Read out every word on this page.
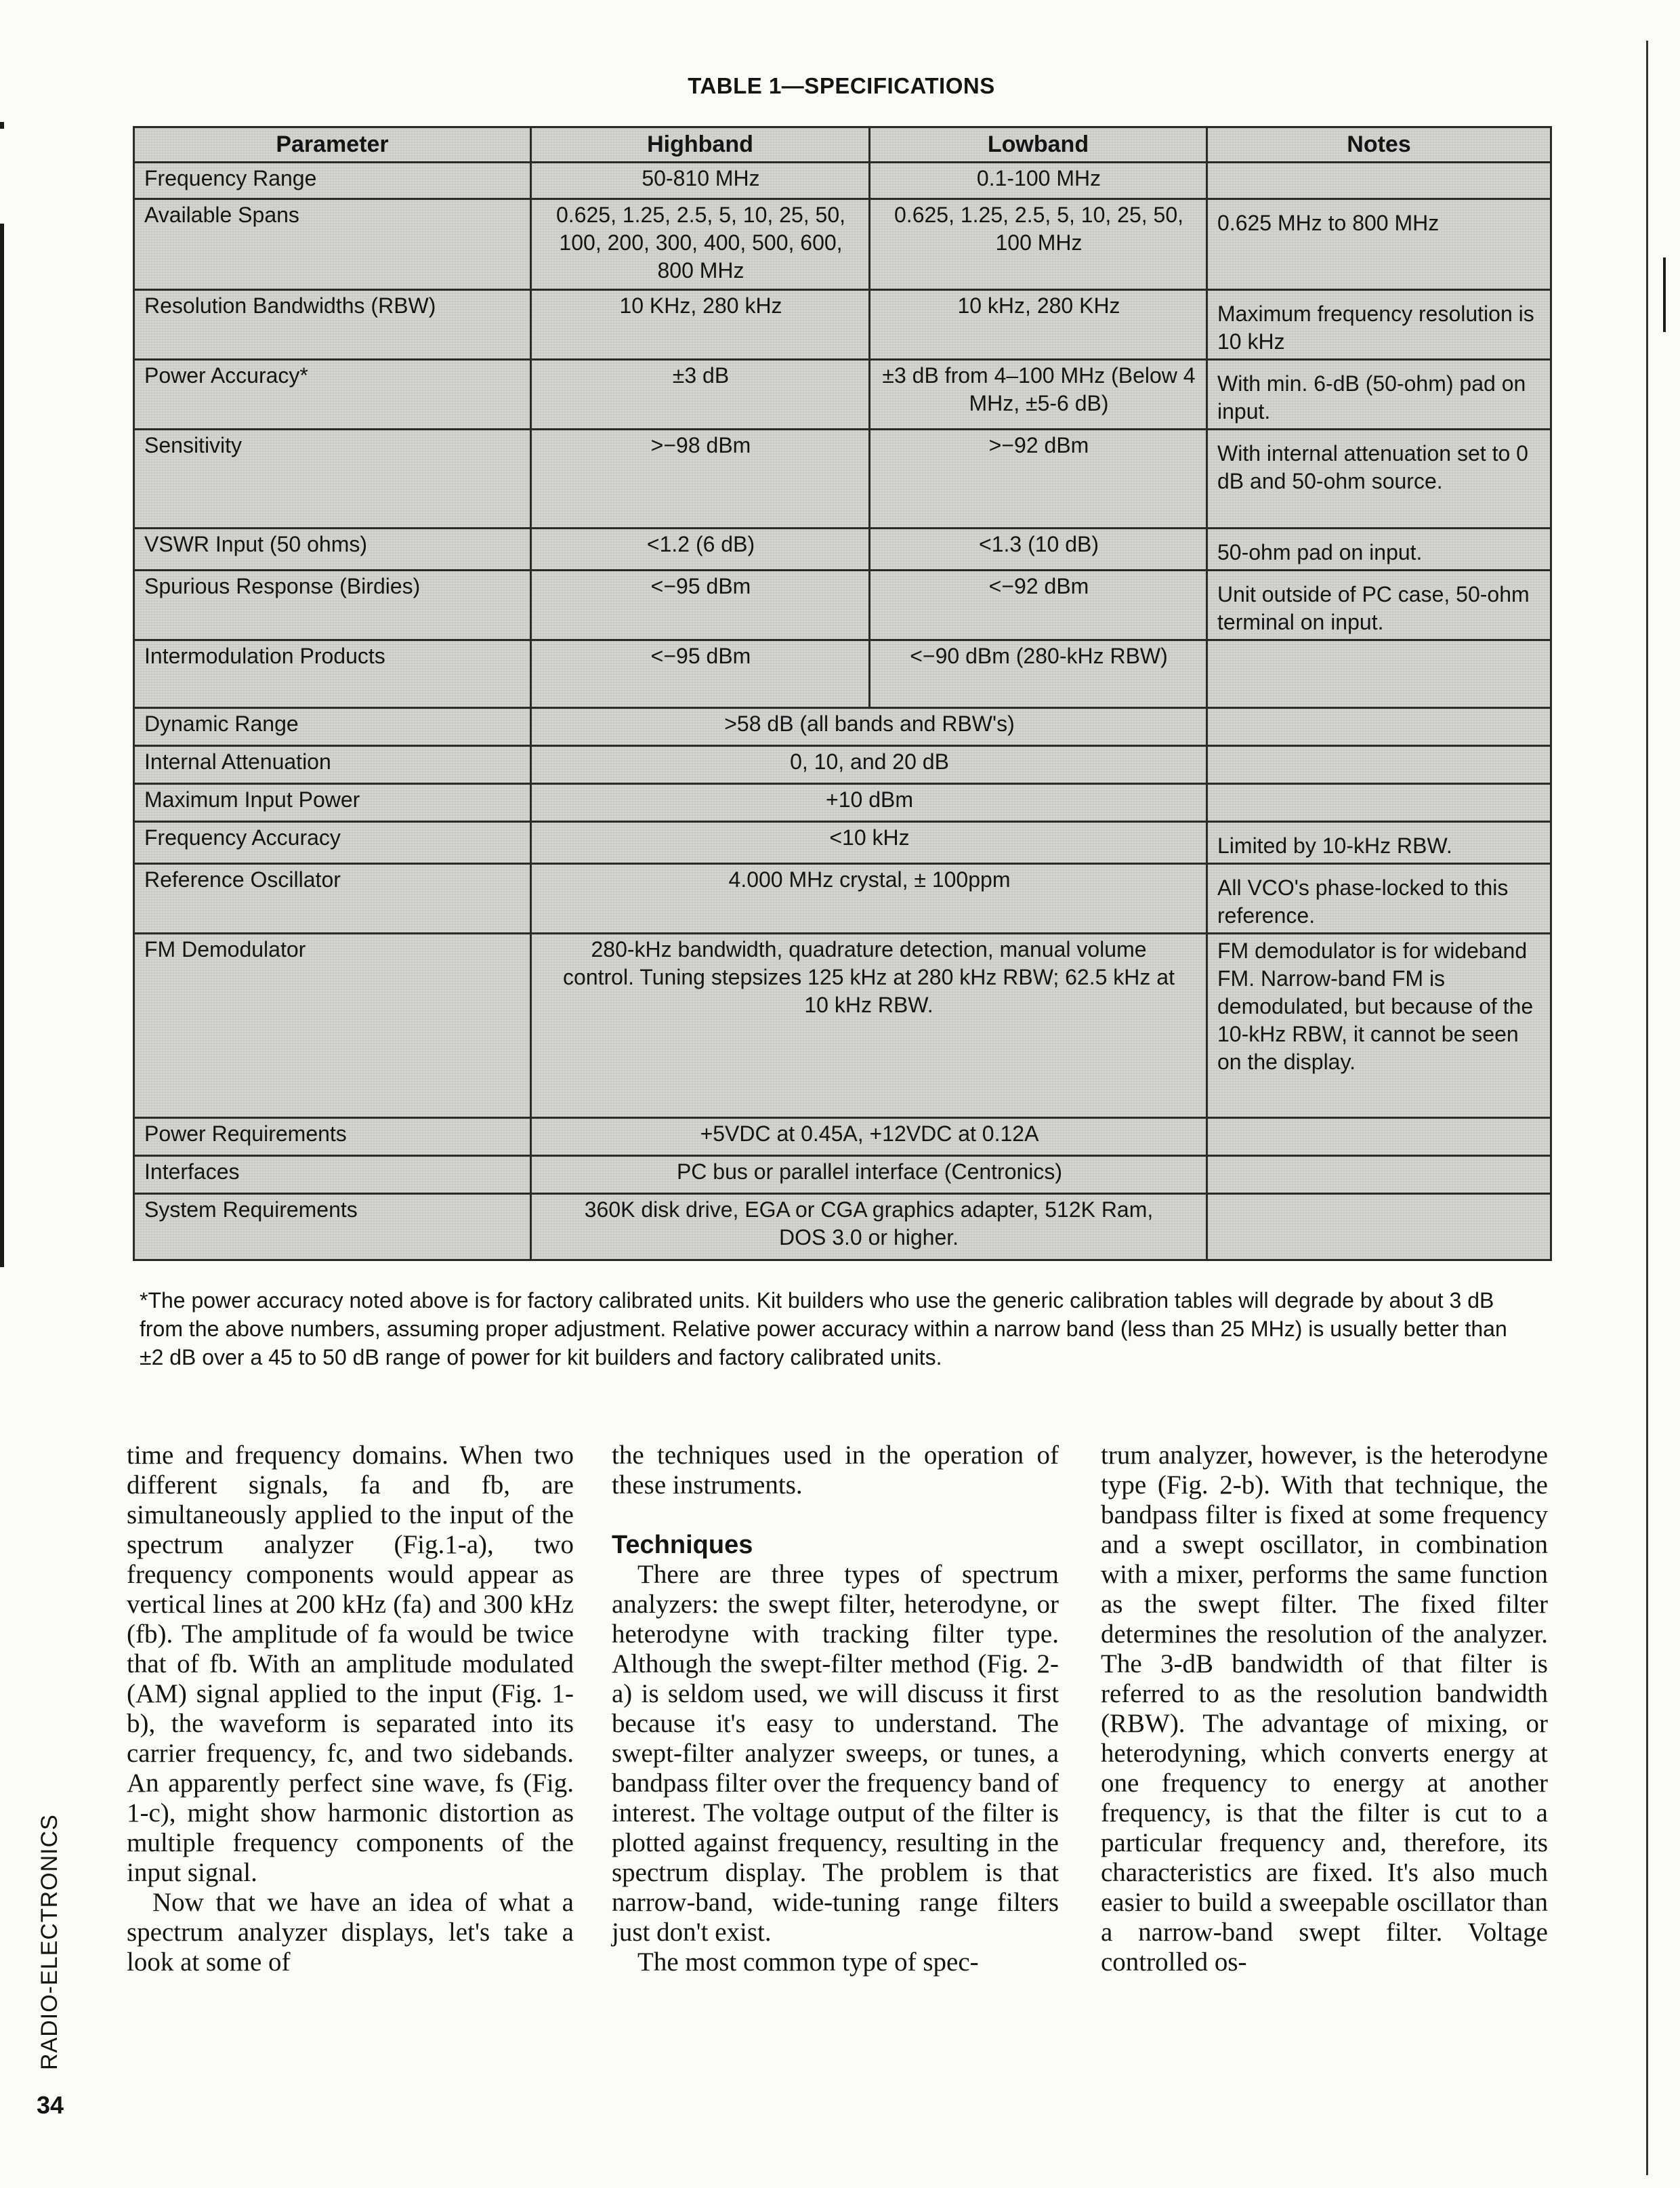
TABLE 1—SPECIFICATIONS
Parameter	Highband	Lowband	Notes
Frequency Range	50-810 MHz	0.1-100 MHz	
Available Spans	0.625, 1.25, 2.5, 5, 10, 25, 50, 100, 200, 300, 400, 500, 600, 800 MHz	0.625, 1.25, 2.5, 5, 10, 25, 50, 100 MHz	0.625 MHz to 800 MHz
Resolution Bandwidths (RBW)	10 KHz, 280 kHz	10 kHz, 280 KHz	Maximum frequency resolution is 10 kHz
Power Accuracy*	±3 dB	±3 dB from 4–100 MHz (Below 4 MHz, ±5-6 dB)	With min. 6-dB (50-ohm) pad on input.
Sensitivity	>−98 dBm	>−92 dBm	With internal attenuation set to 0 dB and 50-ohm source.
VSWR Input (50 ohms)	<1.2 (6 dB)	<1.3 (10 dB)	50-ohm pad on input.
Spurious Response (Birdies)	<−95 dBm	<−92 dBm	Unit outside of PC case, 50-ohm terminal on input.
Intermodulation Products	<−95 dBm	<−90 dBm (280-kHz RBW)	
Dynamic Range	>58 dB (all bands and RBW's)		
Internal Attenuation	0, 10, and 20 dB		
Maximum Input Power	+10 dBm		
Frequency Accuracy	<10 kHz		Limited by 10-kHz RBW.
Reference Oscillator	4.000 MHz crystal, ± 100ppm		All VCO's phase-locked to this reference.
FM Demodulator	280-kHz bandwidth, quadrature detection, manual volume control. Tuning stepsizes 125 kHz at 280 kHz RBW; 62.5 kHz at 10 kHz RBW.		FM demodulator is for wideband FM. Narrow-band FM is demodulated, but because of the 10-kHz RBW, it cannot be seen on the display.
Power Requirements	+5VDC at 0.45A, +12VDC at 0.12A		
Interfaces	PC bus or parallel interface (Centronics)		
System Requirements	360K disk drive, EGA or CGA graphics adapter, 512K Ram, DOS 3.0 or higher.		
*The power accuracy noted above is for factory calibrated units. Kit builders who use the generic calibration tables will degrade by about 3 dB from the above numbers, assuming proper adjustment. Relative power accuracy within a narrow band (less than 25 MHz) is usually better than ±2 dB over a 45 to 50 dB range of power for kit builders and factory calibrated units.

time and frequency domains. When two different signals, fa and fb, are simultaneously applied to the input of the spectrum analyzer (Fig.1-a), two frequency components would appear as vertical lines at 200 kHz (fa) and 300 kHz (fb). The amplitude of fa would be twice that of fb. With an amplitude modulated (AM) signal applied to the input (Fig. 1-b), the waveform is separated into its carrier frequency, fc, and two sidebands. An apparently perfect sine wave, fs (Fig. 1-c), might show harmonic distortion as multiple frequency components of the input signal.

Now that we have an idea of what a spectrum analyzer displays, let's take a look at some of

the techniques used in the operation of these instruments.

Techniques

There are three types of spectrum analyzers: the swept filter, heterodyne, or heterodyne with tracking filter type. Although the swept-filter method (Fig. 2-a) is seldom used, we will discuss it first because it's easy to understand. The swept-filter analyzer sweeps, or tunes, a bandpass filter over the frequency band of interest. The voltage output of the filter is plotted against frequency, resulting in the spectrum display. The problem is that narrow-band, wide-tuning range filters just don't exist.

The most common type of spec-

trum analyzer, however, is the heterodyne type (Fig. 2-b). With that technique, the bandpass filter is fixed at some frequency and a swept oscillator, in combination with a mixer, performs the same function as the swept filter. The fixed filter determines the resolution of the analyzer. The 3-dB bandwidth of that filter is referred to as the resolution bandwidth (RBW). The advantage of mixing, or heterodyning, which converts energy at one frequency to energy at another frequency, is that the filter is cut to a particular frequency and, therefore, its characteristics are fixed. It's also much easier to build a sweepable oscillator than a narrow-band swept filter. Voltage controlled os-

RADIO-ELECTRONICS
34
